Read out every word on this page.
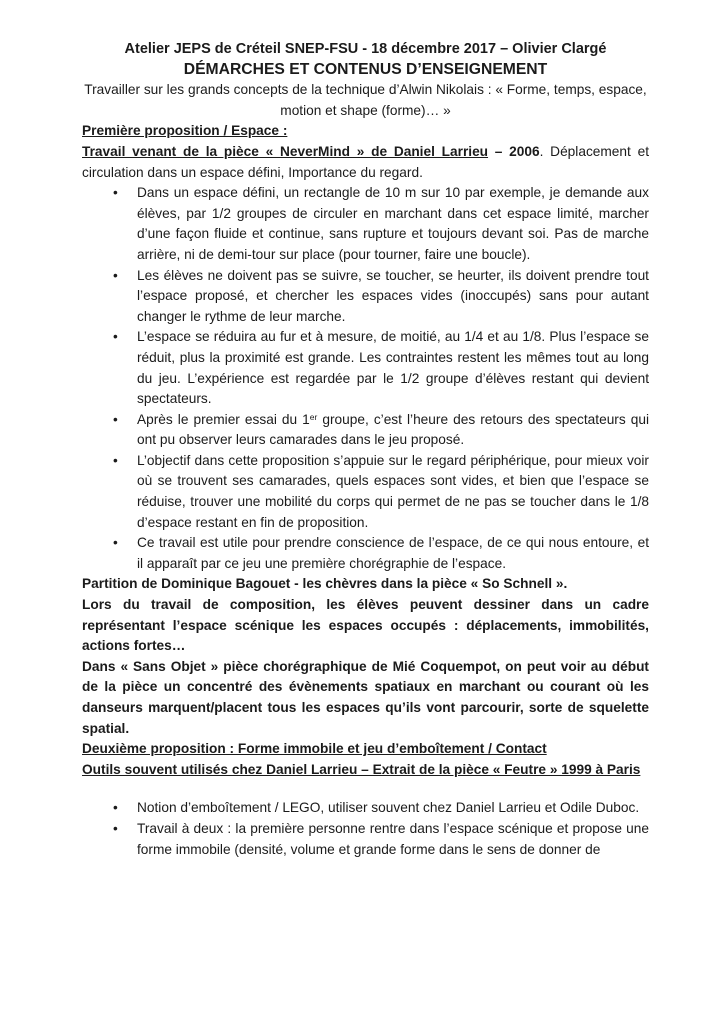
Atelier JEPS de Créteil SNEP-FSU - 18 décembre 2017 – Olivier Clargé
DÉMARCHES ET CONTENUS D’ENSEIGNEMENT
Travailler sur les grands concepts de la technique d’Alwin Nikolais : « Forme, temps, espace, motion et shape (forme)… »
Première proposition / Espace :

Travail venant de la pièce « NeverMind » de Daniel Larrieu – 2006. Déplacement et circulation dans un espace défini, Importance du regard.

• Dans un espace défini, un rectangle de 10 m sur 10 par exemple, je demande aux élèves, par 1/2 groupes de circuler en marchant dans cet espace limité, marcher d’une façon fluide et continue, sans rupture et toujours devant soi. Pas de marche arrière, ni de demi-tour sur place (pour tourner, faire une boucle).
• Les élèves ne doivent pas se suivre, se toucher, se heurter, ils doivent prendre tout l’espace proposé, et chercher les espaces vides (inoccupés) sans pour autant changer le rythme de leur marche.
• L’espace se réduira au fur et à mesure, de moitié, au 1/4 et au 1/8. Plus l’espace se réduit, plus la proximité est grande. Les contraintes restent les mêmes tout au long du jeu. L’expérience est regardée par le 1/2 groupe d’élèves restant qui devient spectateurs.
• Après le premier essai du 1er groupe, c’est l’heure des retours des spectateurs qui ont pu observer leurs camarades dans le jeu proposé.
• L’objectif dans cette proposition s’appuie sur le regard périphérique, pour mieux voir où se trouvent ses camarades, quels espaces sont vides, et bien que l’espace se réduise, trouver une mobilité du corps qui permet de ne pas se toucher dans le 1/8 d’espace restant en fin de proposition.
• Ce travail est utile pour prendre conscience de l’espace, de ce qui nous entoure, et il apparaît par ce jeu une première chorégraphie de l’espace.
Partition de Dominique Bagouet - les chèvres dans la pièce « So Schnell ».

Lors du travail de composition, les élèves peuvent dessiner dans un cadre représentant l’espace scénique les espaces occupés : déplacements, immobilités, actions fortes…

Dans « Sans Objet » pièce chorégraphique de Mié Coquempot, on peut voir au début de la pièce un concentré des évènements spatiaux en marchant ou courant où les danseurs marquent/placent tous les espaces qu’ils vont parcourir, sorte de squelette spatial.

Deuxième proposition : Forme immobile et jeu d’emboîtement / Contact
Outils souvent utilisés chez Daniel Larrieu – Extrait de la pièce « Feutre » 1999 à Paris
• Notion d’emboîtement / LEGO, utiliser souvent chez Daniel Larrieu et Odile Duboc.
• Travail à deux : la première personne rentre dans l’espace scénique et propose une forme immobile (densité, volume et grande forme dans le sens de donner de
